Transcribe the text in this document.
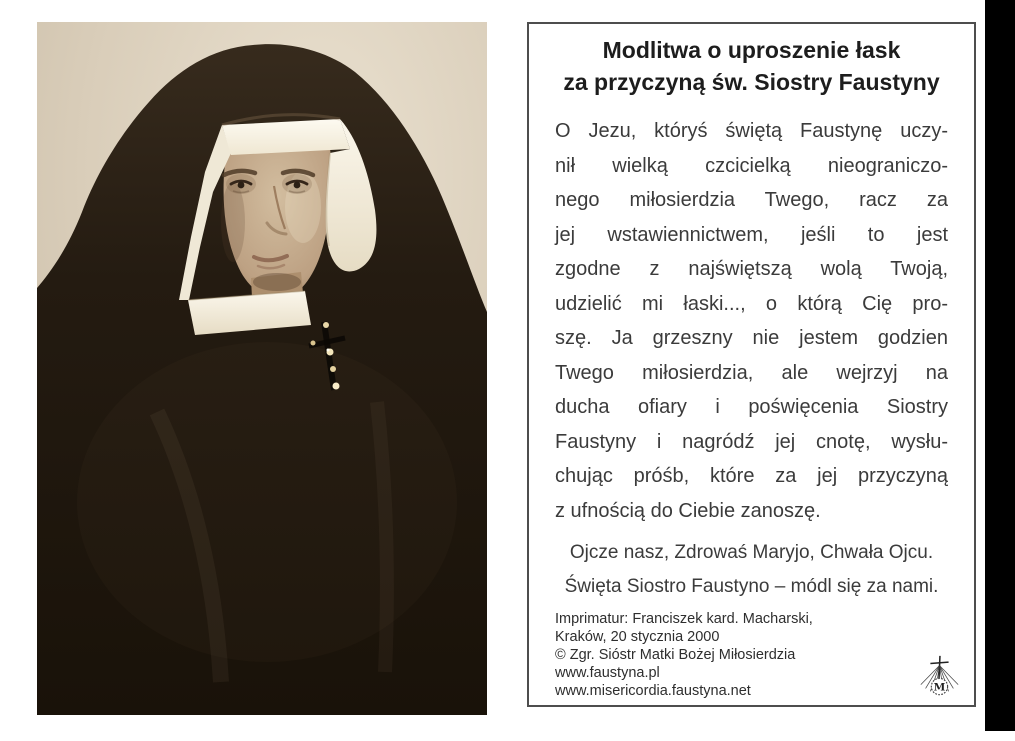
Modlitwa o uproszenie łask
za przyczyną św. Siostry Faustyny
O Jezu, któryś świętą Faustynę uczy-
nił wielką czcicielką nieograniczo-
nego miłosierdzia Twego, racz za
jej wstawiennictwem, jeśli to jest
zgodne z najświętszą wolą Twoją,
udzielić mi łaski..., o którą Cię pro-
szę. Ja grzeszny nie jestem godzien
Twego miłosierdzia, ale wejrzyj na
ducha ofiary i poświęcenia Siostry
Faustyny i nagródź jej cnotę, wysłu-
chując próśb, które za jej przyczyną
z ufnością do Ciebie zanoszę.
Ojcze nasz, Zdrowaś Maryjo, Chwała Ojcu.
Święta Siostro Faustyno – módl się za nami.
Imprimatur: Franciszek kard. Macharski,
Kraków, 20 stycznia 2000
© Zgr. Sióstr Matki Bożej Miłosierdzia
www.faustyna.pl
www.misericordia.faustyna.net	M
